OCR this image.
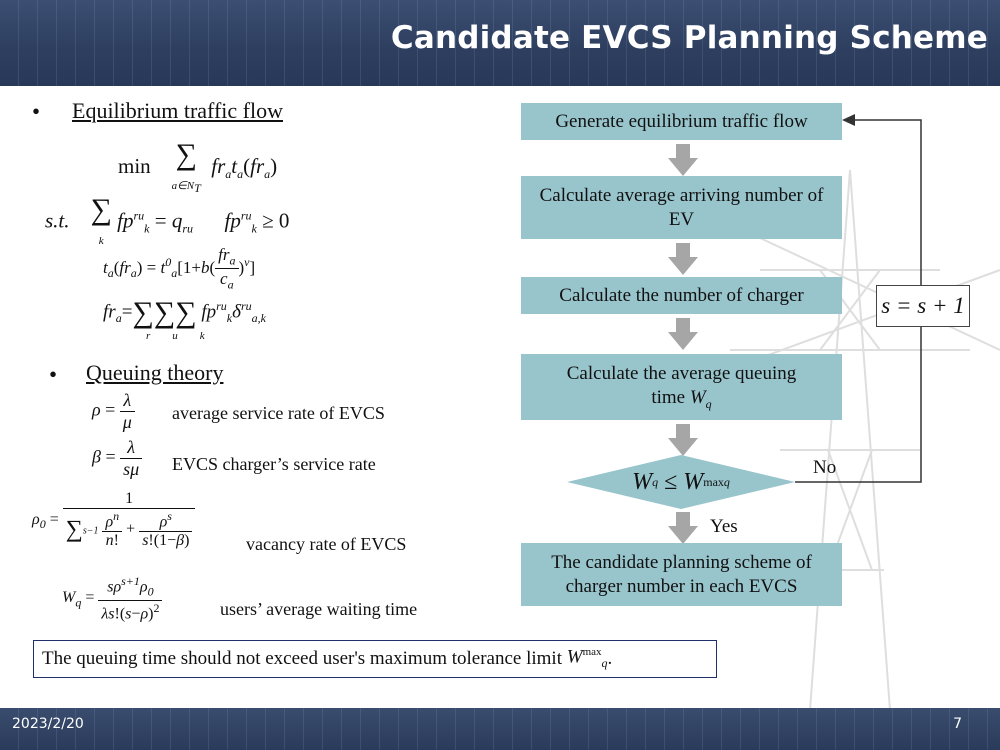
Candidate EVCS Planning Scheme
• Equilibrium traffic flow
min ∑
$a\in N_T$  $fr_at_a(fr_a)$
s.t. ∑
k $fp^{ru}_k = q_{ru}$      $fp^{ru}_k \ge 0$
$t_a(fr_a) = t^0_a[1+b( \frac{fr_a}{c_a} )^v]$
$fr_a=\sum\sum\sum$ $fp^{ru}_k\delta^{ru}_{a,k}$
ruk
• Queuing theory
$\rho = \frac{\lambda}{\mu}$ average service rate of EVCS
$\beta = \frac{\lambda}{s\mu}$ EVCS charger’s service rate
$\rho_0 = \frac{1}{\sum s-1 \frac{\rho^n}{n!} + \frac{\rho^s}{s!(1-\beta)}}$	vacancy rate of EVCS
$W_q = \frac{s\rho^{s+1}\rho_0}{\lambda s!(s-\rho)^2}$	users’ average waiting time
Generate equilibrium traffic flow
Calculate average arriving number of EV
Calculate the number of charger
Calculate the average queuing
time $W_q$
W q
≤ W max q
Yes
The candidate planning scheme of charger number in each EVCS
No
s = s + 1
The queuing time should not exceed user's maximum tolerance limit
$W^{max}_q$ .
2023/2/20	7
